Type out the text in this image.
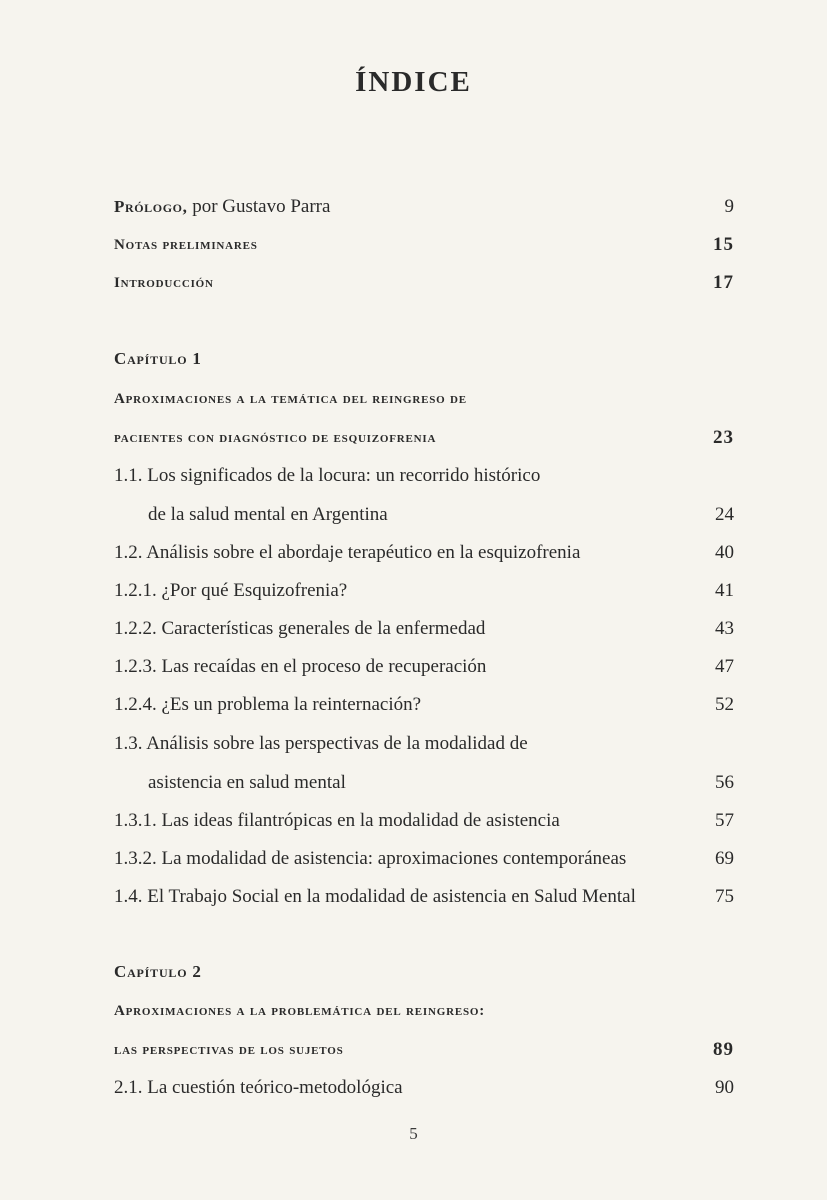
ÍNDICE
Prólogo, por Gustavo Parra	9
Notas preliminares	15
Introducción	17
Capítulo 1
Aproximaciones a la temática del reingreso de
pacientes con diagnóstico de esquizofrenia	23
1.1. Los significados de la locura: un recorrido histórico
de la salud mental en Argentina	24
1.2. Análisis sobre el abordaje terapéutico en la esquizofrenia	40
1.2.1. ¿Por qué Esquizofrenia?	41
1.2.2. Características generales de la enfermedad	43
1.2.3. Las recaídas en el proceso de recuperación	47
1.2.4. ¿Es un problema la reinternación?	52
1.3. Análisis sobre las perspectivas de la modalidad de
asistencia en salud mental	56
1.3.1. Las ideas filantrópicas en la modalidad de asistencia	57
1.3.2. La modalidad de asistencia: aproximaciones contemporáneas	69
1.4. El Trabajo Social en la modalidad de asistencia en Salud Mental	75
Capítulo 2
Aproximaciones a la problemática del reingreso:
las perspectivas de los sujetos	89
2.1. La cuestión teórico-metodológica	90
5
